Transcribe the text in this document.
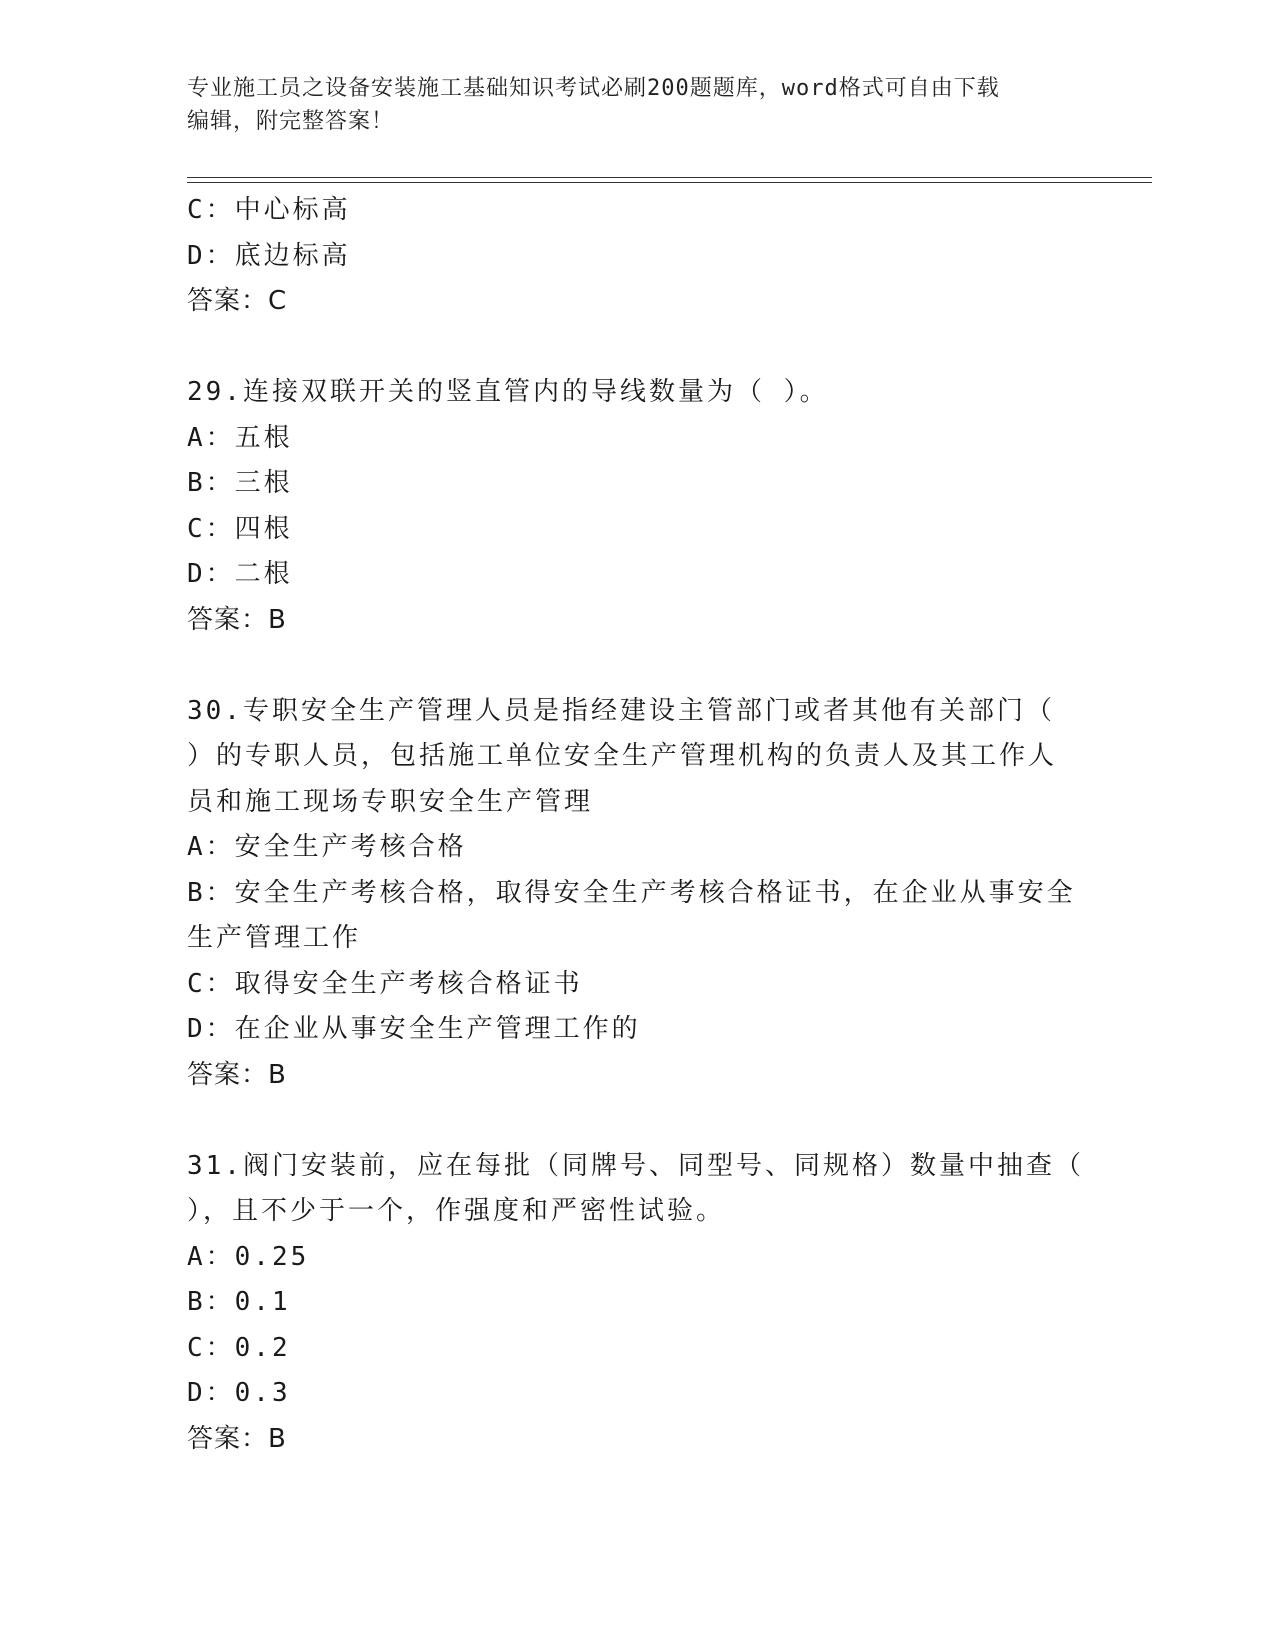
专业施工员之设备安装施工基础知识考试必刷200题题库，word格式可自由下载
编辑，附完整答案！
C：中心标高
D：底边标高
答案：C
29.连接双联开关的竖直管内的导线数量为（ ）。
A：五根
B：三根
C：四根
D：二根
答案：B
30.专职安全生产管理人员是指经建设主管部门或者其他有关部门（
）的专职人员，包括施工单位安全生产管理机构的负责人及其工作人
员和施工现场专职安全生产管理
A：安全生产考核合格
B：安全生产考核合格，取得安全生产考核合格证书，在企业从事安全
生产管理工作
C：取得安全生产考核合格证书
D：在企业从事安全生产管理工作的
答案：B
31.阀门安装前，应在每批（同牌号、同型号、同规格）数量中抽查（
），且不少于一个，作强度和严密性试验。
A：0.25
B：0.1
C：0.2
D：0.3
答案：B
